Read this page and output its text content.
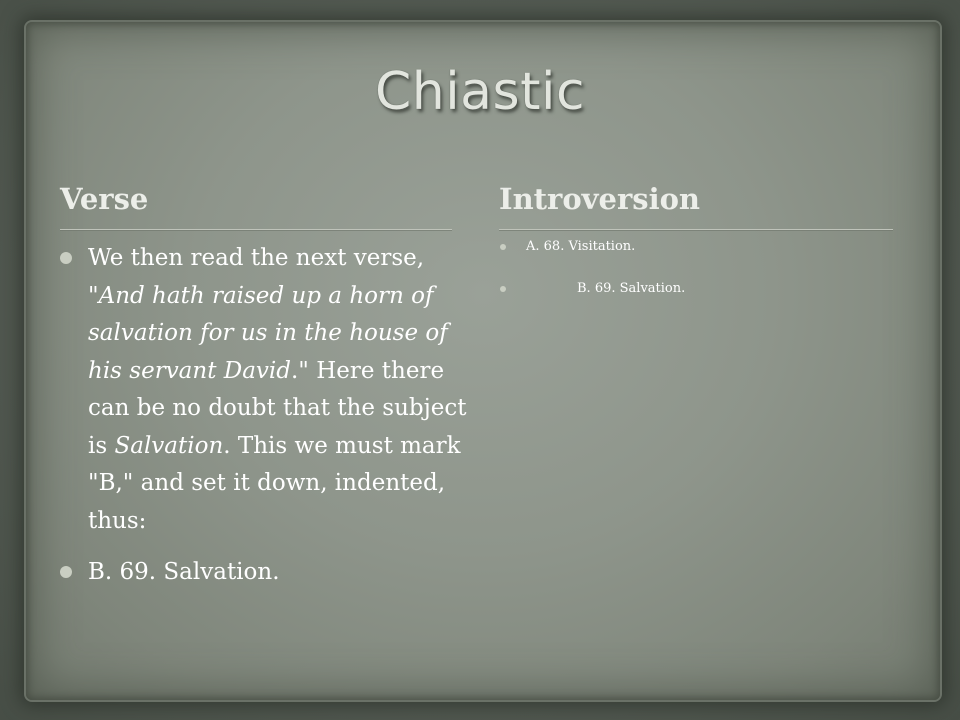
Chiastic
Verse	Introversion
We then read the next verse, "And hath raised up a horn of salvation for us in the house of his servant David." Here there can be no doubt that the subject is Salvation. This we must mark "B," and set it down, indented, thus:
B. 69. Salvation.
A. 68. Visitation.
B. 69. Salvation.
